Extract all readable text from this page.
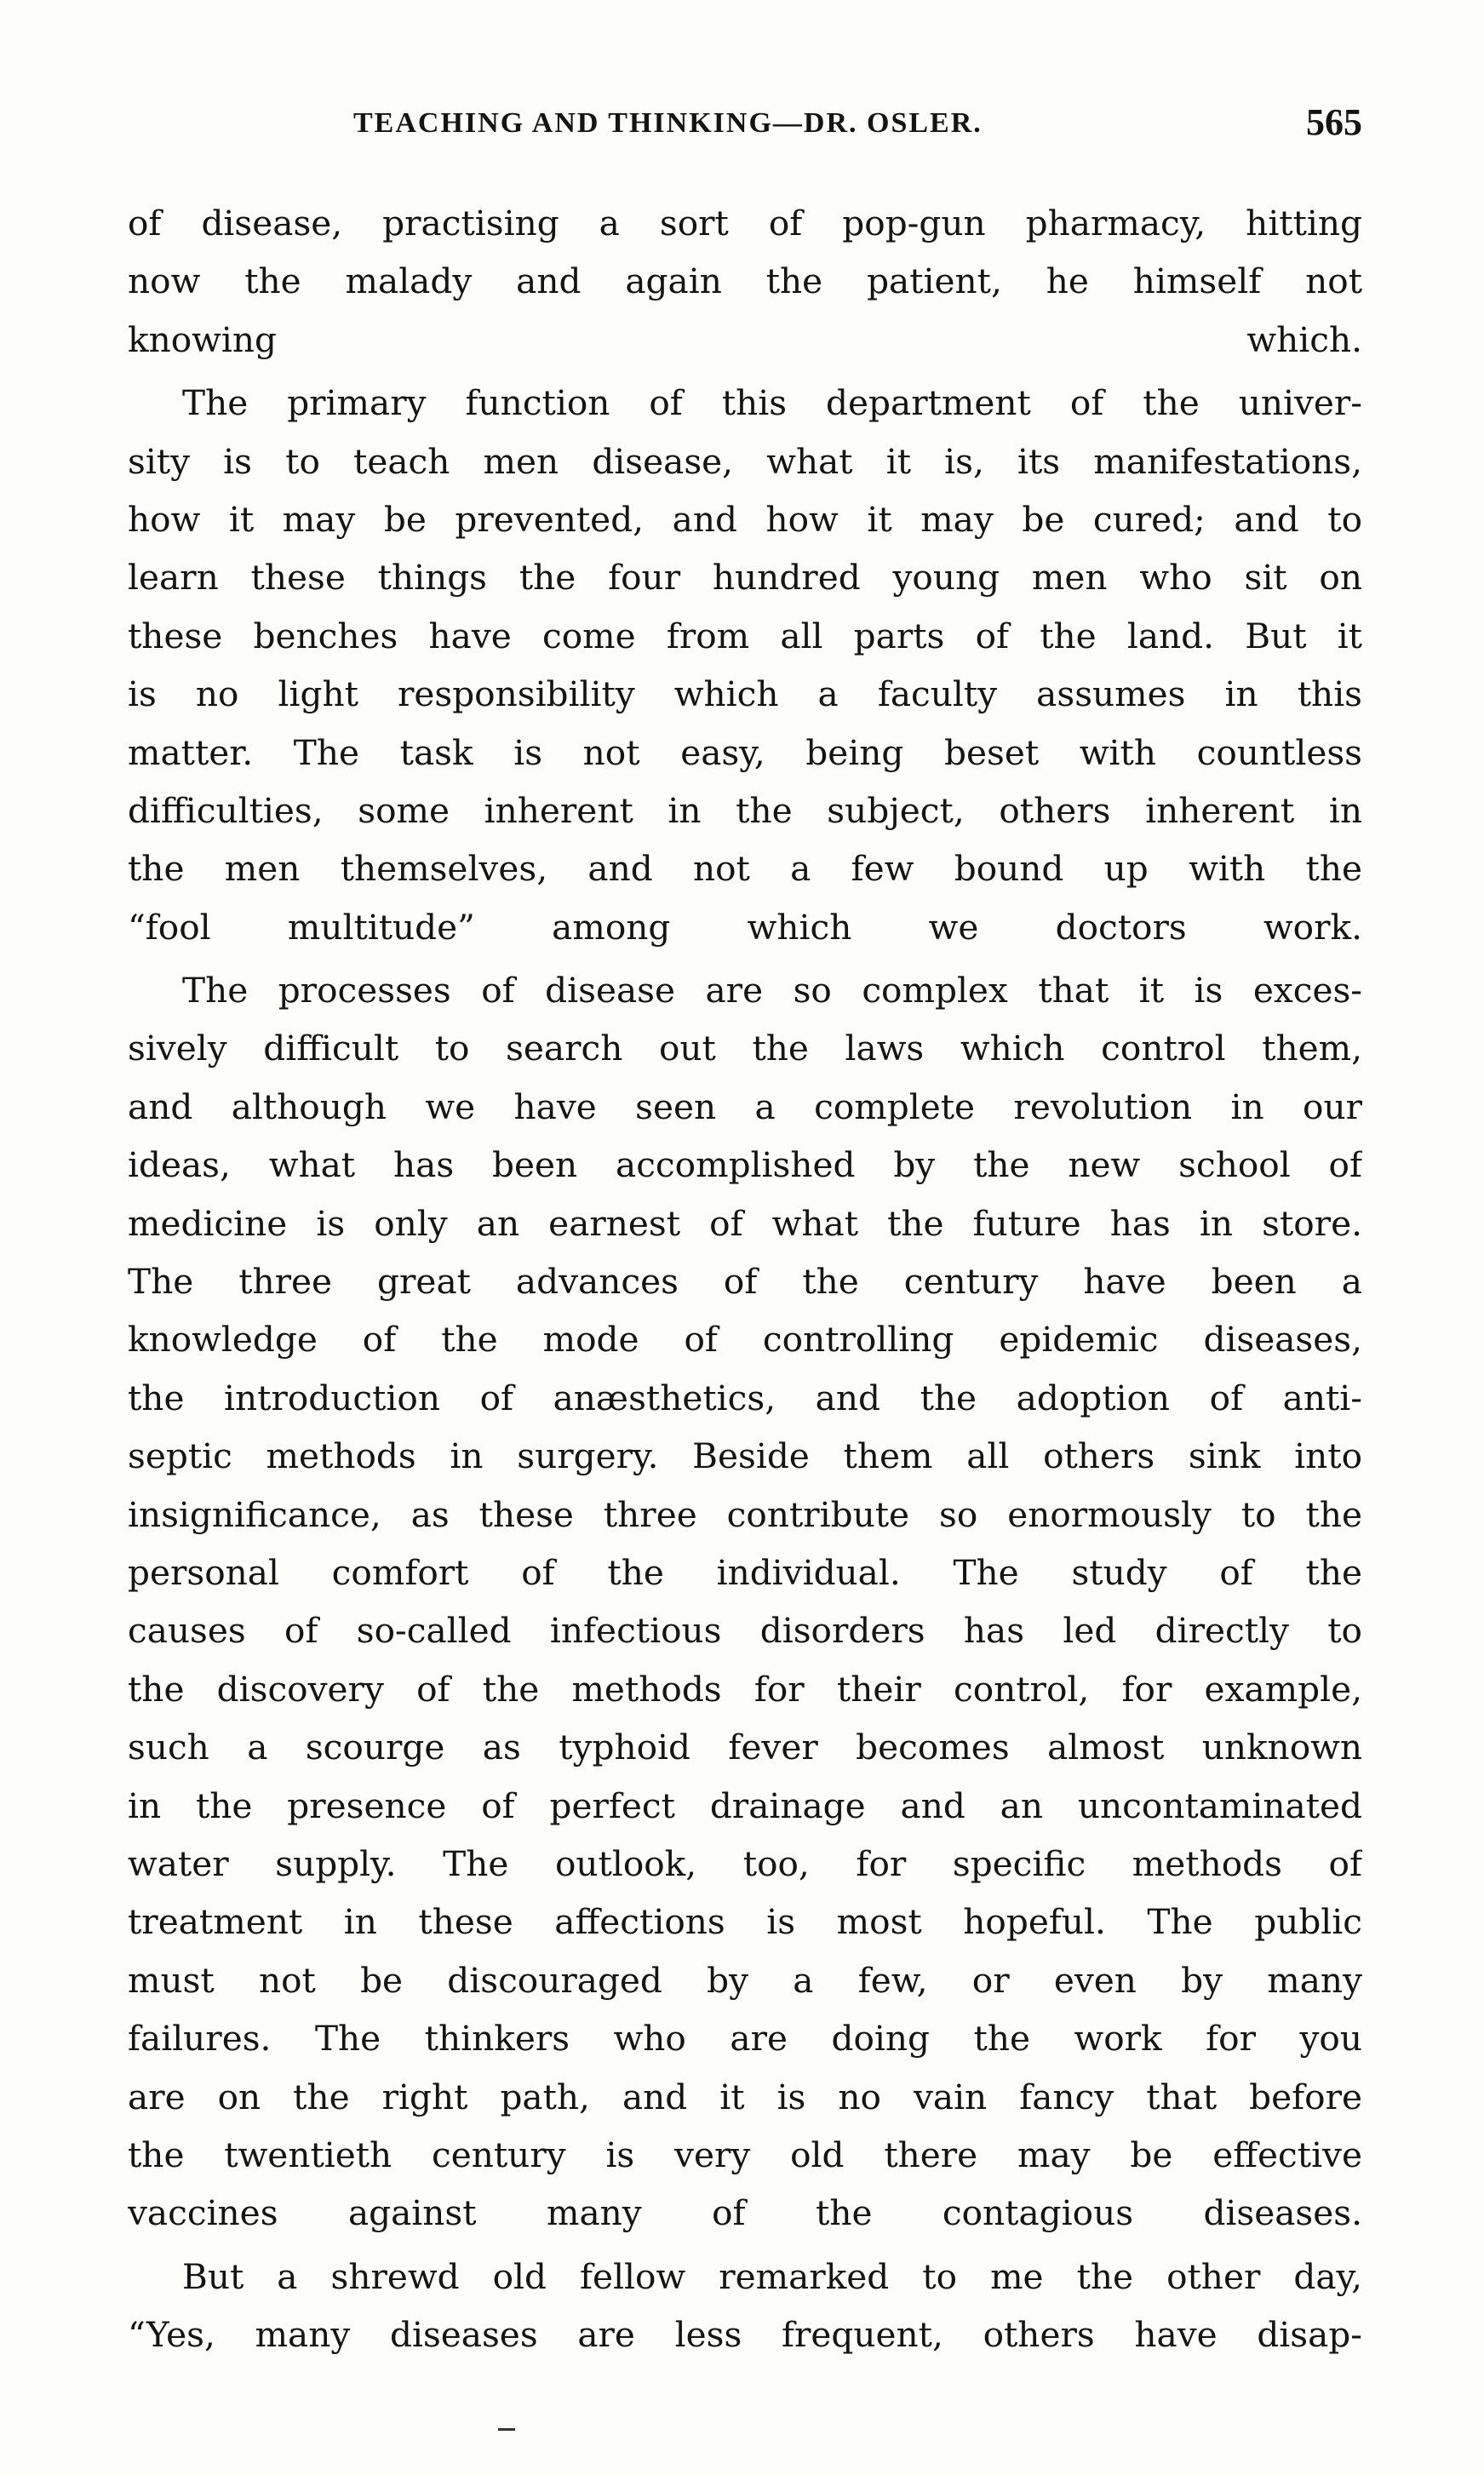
TEACHING AND THINKING—DR. OSLER.	565
of disease, practising a sort of pop-gun pharmacy, hitting
now the malady and again the patient, he himself not
knowing which.
The primary function of this department of the univer-
sity is to teach men disease, what it is, its manifestations,
how it may be prevented, and how it may be cured; and to
learn these things the four hundred young men who sit on
these benches have come from all parts of the land. But it
is no light responsibility which a faculty assumes in this
matter. The task is not easy, being beset with countless
difficulties, some inherent in the subject, others inherent in
the men themselves, and not a few bound up with the
“fool multitude” among which we doctors work.
The processes of disease are so complex that it is exces-
sively difficult to search out the laws which control them,
and although we have seen a complete revolution in our
ideas, what has been accomplished by the new school of
medicine is only an earnest of what the future has in store.
The three great advances of the century have been a
knowledge of the mode of controlling epidemic diseases,
the introduction of anæsthetics, and the adoption of anti-
septic methods in surgery. Beside them all others sink into
insignificance, as these three contribute so enormously to the
personal comfort of the individual. The study of the
causes of so-called infectious disorders has led directly to
the discovery of the methods for their control, for example,
such a scourge as typhoid fever becomes almost unknown
in the presence of perfect drainage and an uncontaminated
water supply. The outlook, too, for specific methods of
treatment in these affections is most hopeful. The public
must not be discouraged by a few, or even by many
failures. The thinkers who are doing the work for you
are on the right path, and it is no vain fancy that before
the twentieth century is very old there may be effective
vaccines against many of the contagious diseases.
But a shrewd old fellow remarked to me the other day,
“Yes, many diseases are less frequent, others have disap-
